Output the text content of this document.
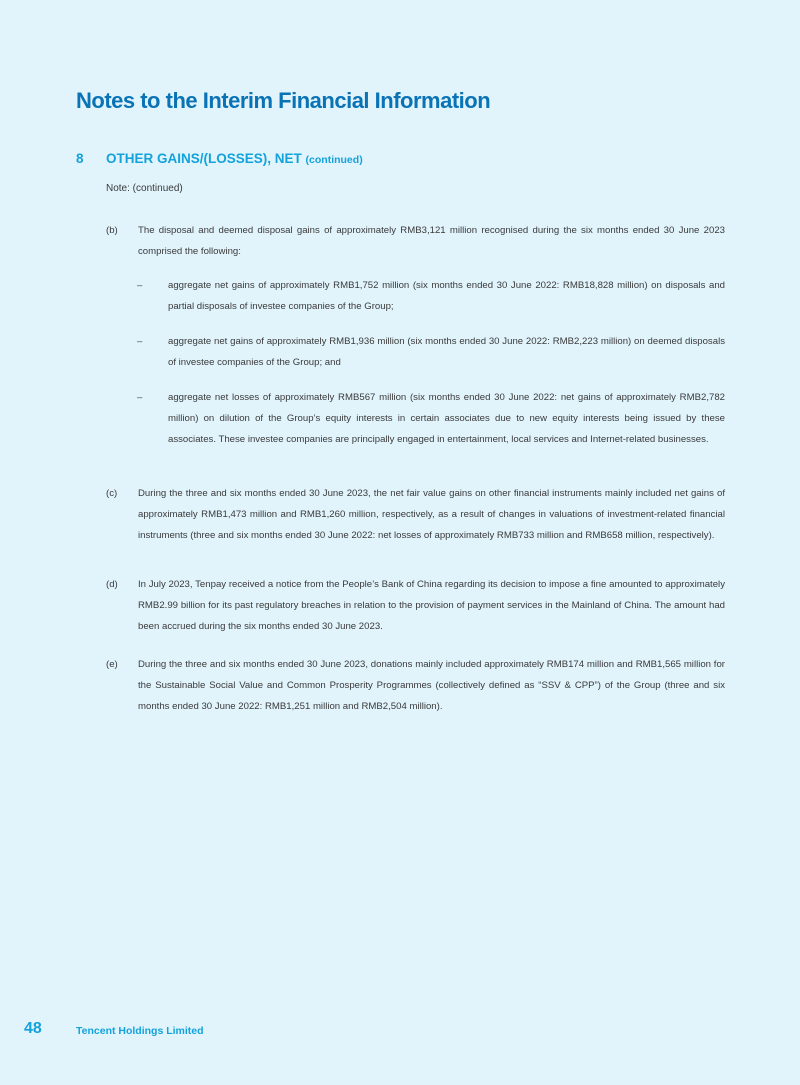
Notes to the Interim Financial Information
8 OTHER GAINS/(LOSSES), NET (continued)
Note: (continued)
(b) The disposal and deemed disposal gains of approximately RMB3,121 million recognised during the six months ended 30 June 2023 comprised the following:
–	aggregate net gains of approximately RMB1,752 million (six months ended 30 June 2022: RMB18,828 million) on disposals and partial disposals of investee companies of the Group;
–	aggregate net gains of approximately RMB1,936 million (six months ended 30 June 2022: RMB2,223 million) on deemed disposals of investee companies of the Group; and
–	aggregate net losses of approximately RMB567 million (six months ended 30 June 2022: net gains of approximately RMB2,782 million) on dilution of the Group’s equity interests in certain associates due to new equity interests being issued by these associates. These investee companies are principally engaged in entertainment, local services and Internet-related businesses.
(c) During the three and six months ended 30 June 2023, the net fair value gains on other financial instruments mainly included net gains of approximately RMB1,473 million and RMB1,260 million, respectively, as a result of changes in valuations of investment-related financial instruments (three and six months ended 30 June 2022: net losses of approximately RMB733 million and RMB658 million, respectively).
(d) In July 2023, Tenpay received a notice from the People’s Bank of China regarding its decision to impose a fine amounted to approximately RMB2.99 billion for its past regulatory breaches in relation to the provision of payment services in the Mainland of China. The amount had been accrued during the six months ended 30 June 2023.
(e) During the three and six months ended 30 June 2023, donations mainly included approximately RMB174 million and RMB1,565 million for the Sustainable Social Value and Common Prosperity Programmes (collectively defined as “SSV & CPP”) of the Group (three and six months ended 30 June 2022: RMB1,251 million and RMB2,504 million).
48	Tencent Holdings Limited
